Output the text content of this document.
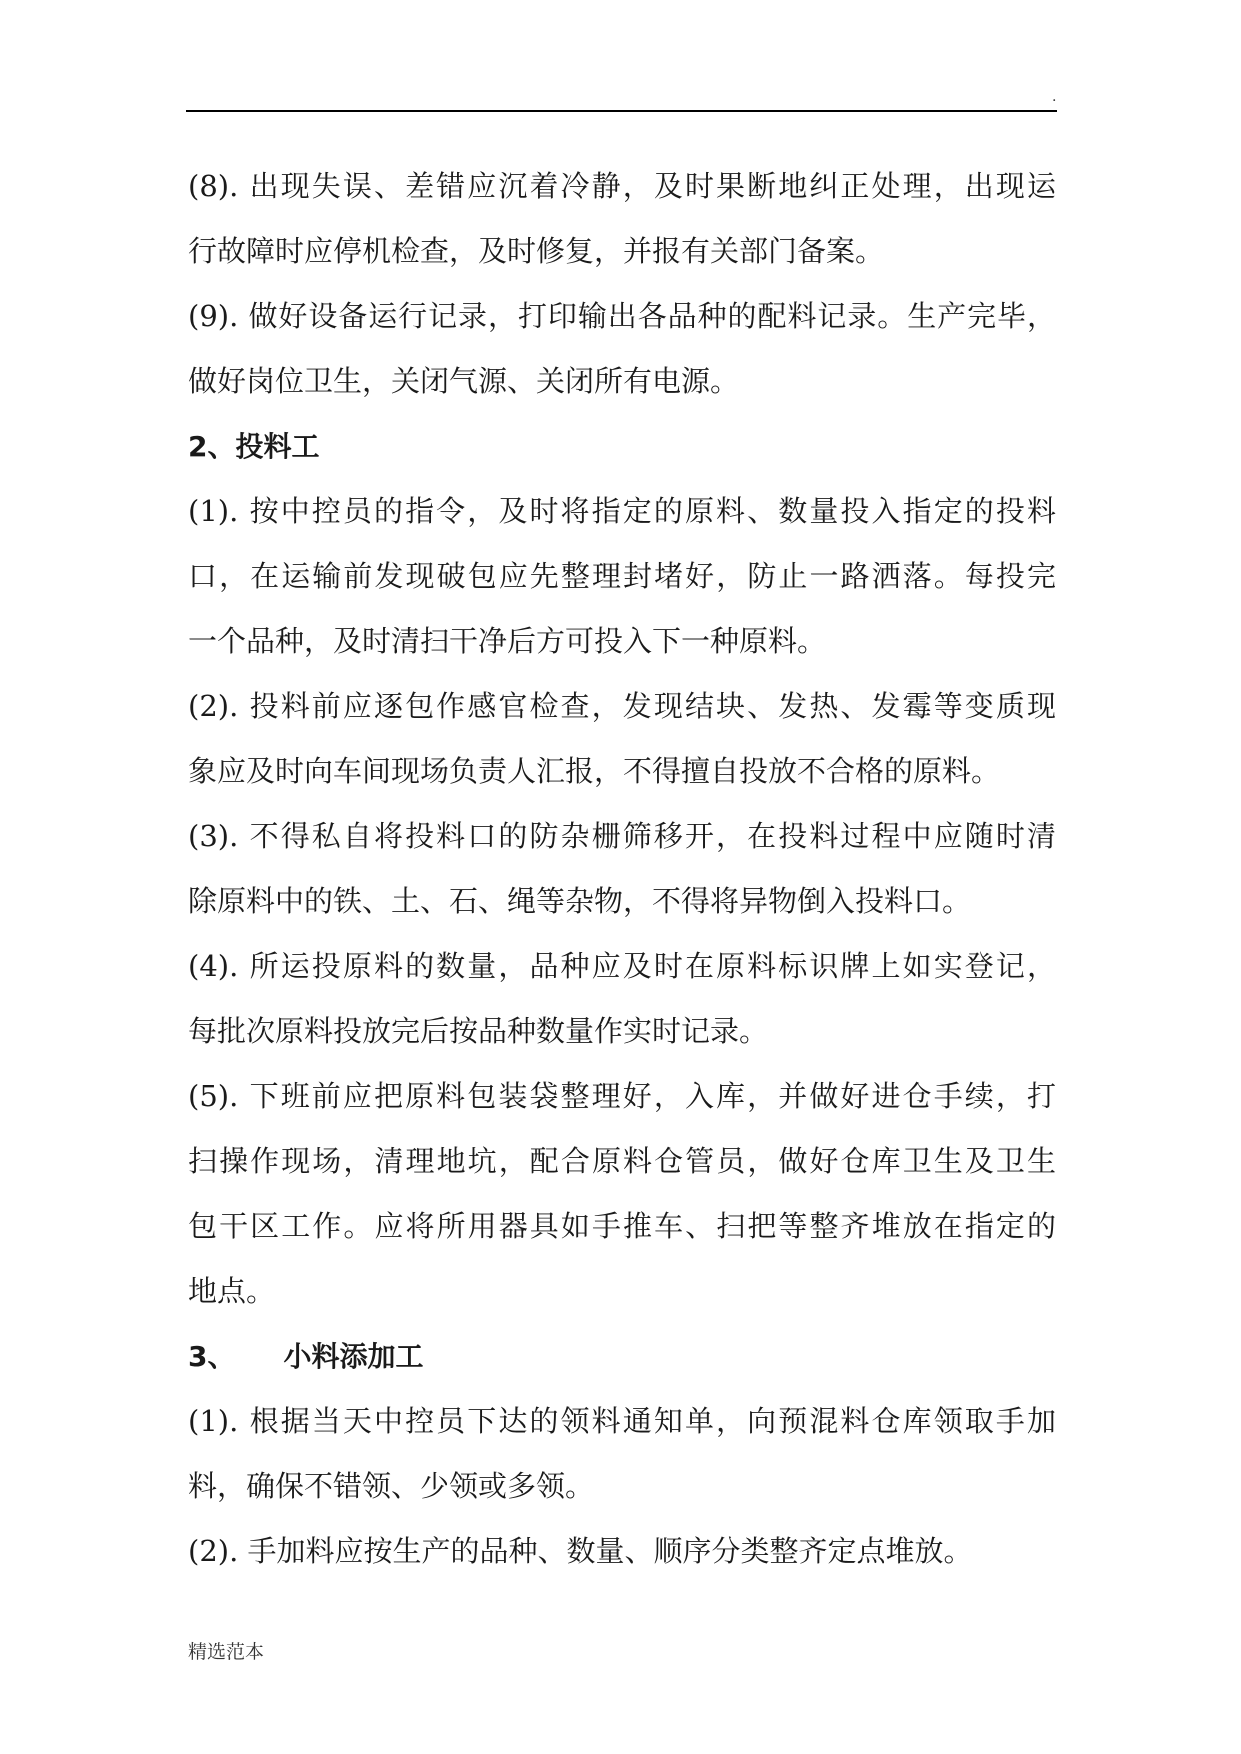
.
(8). 出现失误、差错应沉着冷静，及时果断地纠正处理，出现运
行故障时应停机检查，及时修复，并报有关部门备案。
(9). 做好设备运行记录，打印输出各品种的配料记录。生产完毕，
做好岗位卫生，关闭气源、关闭所有电源。
2、投料工
(1). 按中控员的指令，及时将指定的原料、数量投入指定的投料
口，在运输前发现破包应先整理封堵好，防止一路洒落。每投完
一个品种，及时清扫干净后方可投入下一种原料。
(2). 投料前应逐包作感官检查，发现结块、发热、发霉等变质现
象应及时向车间现场负责人汇报，不得擅自投放不合格的原料。
(3). 不得私自将投料口的防杂栅筛移开，在投料过程中应随时清
除原料中的铁、土、石、绳等杂物，不得将异物倒入投料口。
(4). 所运投原料的数量，品种应及时在原料标识牌上如实登记，
每批次原料投放完后按品种数量作实时记录。
(5). 下班前应把原料包装袋整理好，入库，并做好进仓手续，打
扫操作现场，清理地坑，配合原料仓管员，做好仓库卫生及卫生
包干区工作。应将所用器具如手推车、扫把等整齐堆放在指定的
地点。
3、 小料添加工
(1). 根据当天中控员下达的领料通知单，向预混料仓库领取手加
料，确保不错领、少领或多领。
(2). 手加料应按生产的品种、数量、顺序分类整齐定点堆放。
精选范本
